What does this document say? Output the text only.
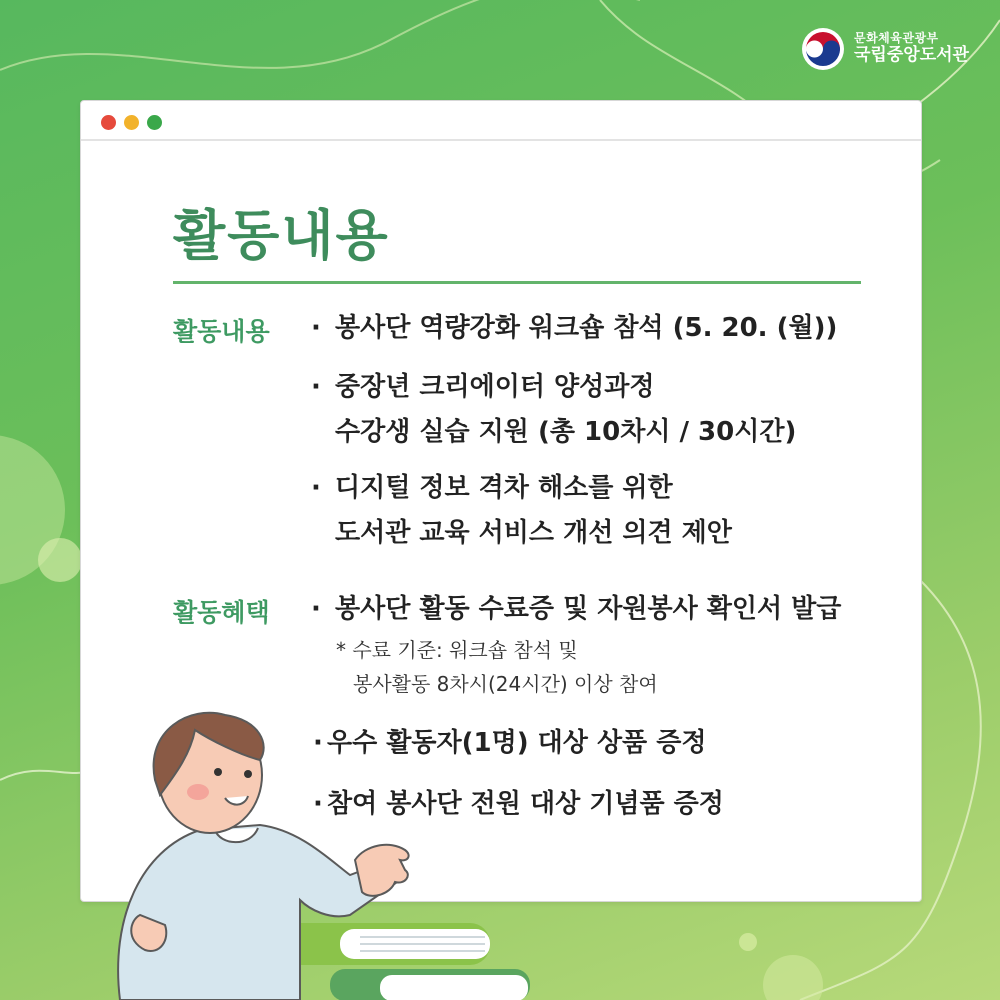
문화체육관광부
국립중앙도서관
활동내용
활동내용 · 봉사단 역량강화 워크숍 참석 (5. 20. (월))
· 중장년 크리에이터 양성과정
수강생 실습 지원 (총 10차시 / 30시간)
· 디지털 정보 격차 해소를 위한
도서관 교육 서비스 개선 의견 제안
활동혜택 · 봉사단 활동 수료증 및 자원봉사 확인서 발급
* 수료 기준: 워크숍 참석 및
봉사활동 8차시(24시간) 이상 참여
· 우수 활동자(1명) 대상 상품 증정
· 참여 봉사단 전원 대상 기념품 증정
